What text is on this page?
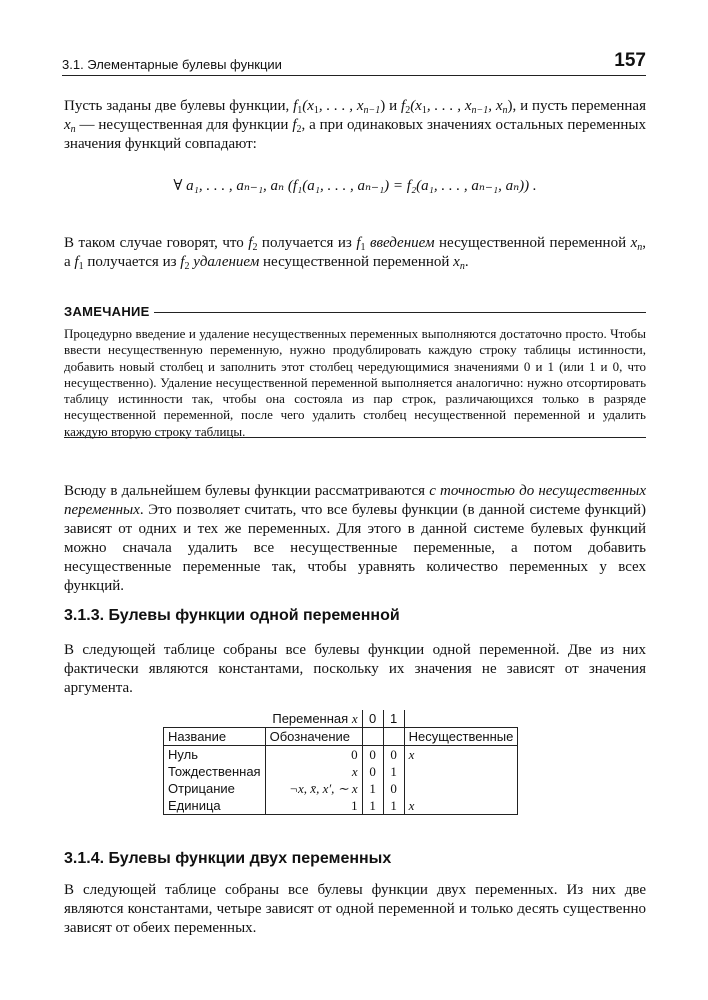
3.1. Элементарные булевы функции	157
Пусть заданы две булевы функции, $f_1(x_1$, . . . , $x_{n-1}$) и $f_2(x_1$, . . . , $x_{n-1}$, $x_n$), и пусть переменная $x_n$ — несущественная для функции $f_2$, а при одинаковых значениях остальных переменных значения функций совпадают:
∀ a₁, . . . , aₙ₋₁, aₙ (f₁(a₁, . . . , aₙ₋₁) = f₂(a₁, . . . , aₙ₋₁, aₙ)) .
В таком случае говорят, что $f_2$ получается из $f_1$ введением несущественной переменной $x_n$, а $f_1$ получается из $f_2$ удалением несущественной переменной $x_n$.
ЗАМЕЧАНИЕ
Процедурно введение и удаление несущественных переменных выполняются достаточно просто. Чтобы ввести несущественную переменную, нужно продублировать каждую строку таблицы истинности, добавить новый столбец и заполнить этот столбец чередующимися значениями 0 и 1 (или 1 и 0, что несущественно). Удаление несущественной переменной выполняется аналогично: нужно отсортировать таблицу истинности так, чтобы она состояла из пар строк, различающихся только в разряде несущественной переменной, после чего удалить столбец несущественной переменной и удалить каждую вторую строку таблицы.
Всюду в дальнейшем булевы функции рассматриваются с точностью до несущественных переменных. Это позволяет считать, что все булевы функции (в данной системе функций) зависят от одних и тех же переменных. Для этого в данной системе булевых функций можно сначала удалить все несущественные переменные, а потом добавить несущественные переменные так, чтобы уравнять количество переменных у всех функций.
3.1.3. Булевы функции одной переменной
В следующей таблице собраны все булевы функции одной переменной. Две из них фактически являются константами, поскольку их значения не зависят от значения аргумента.
Переменная x		0	1	
Название	Обозначение			Несущественные
Нуль	0	0	0	x
Тождественная	x	0	1	
Отрицание	¬x, x̄, x′, ∼ x	1	0	
Единица	1	1	1	x
3.1.4. Булевы функции двух переменных
В следующей таблице собраны все булевы функции двух переменных. Из них две являются константами, четыре зависят от одной переменной и только десять существенно зависят от обеих переменных.
